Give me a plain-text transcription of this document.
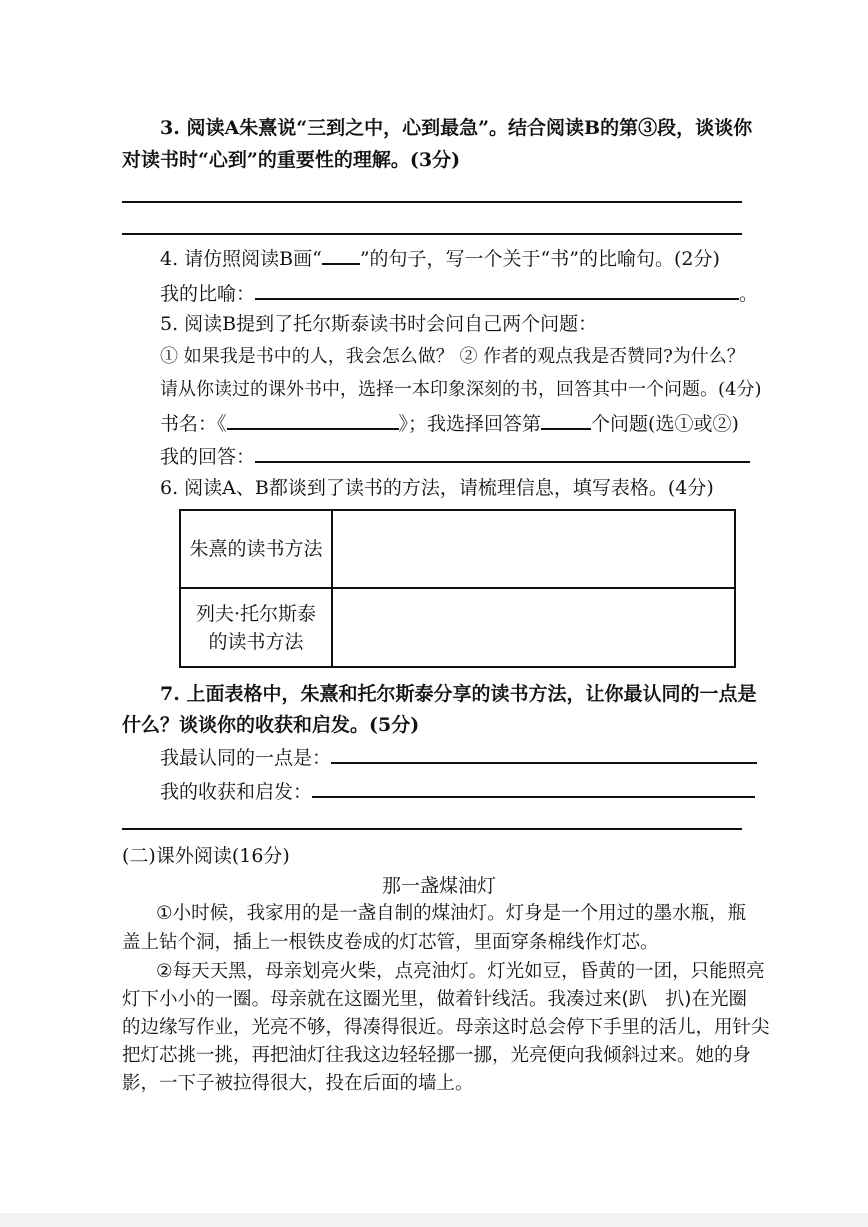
3. 阅读A朱熹说“三到之中，心到最急”。结合阅读B的第③段，谈谈你
对读书时“心到”的重要性的理解。(3分)
4. 请仿照阅读B画“ ”的句子，写一个关于“书”的比喻句。(2分)
我的比喻：	。
5. 阅读B提到了托尔斯泰读书时会问自己两个问题：
① 如果我是书中的人，我会怎么做？ ② 作者的观点我是否赞同?为什么？
请从你读过的课外书中，选择一本印象深刻的书，回答其中一个问题。(4分)
书名：《	》；我选择回答第	个问题(选①或②)
我的回答：
6. 阅读A、B都谈到了读书的方法，请梳理信息，填写表格。(4分)
朱熹的读书方法	

列夫·托尔斯泰
的读书方法	

7. 上面表格中，朱熹和托尔斯泰分享的读书方法，让你最认同的一点是
什么？谈谈你的收获和启发。(5分)
我最认同的一点是：
我的收获和启发：
(二)课外阅读(16分)
那一盏煤油灯
①小时候，我家用的是一盏自制的煤油灯。灯身是一个用过的墨水瓶，瓶
盖上钻个洞，插上一根铁皮卷成的灯芯管，里面穿条棉线作灯芯。
②每天天黑，母亲划亮火柴，点亮油灯。灯光如豆，昏黄的一团，只能照亮
灯下小小的一圈。母亲就在这圈光里，做着针线活。我凑过来(趴　扒)在光圈
的边缘写作业，光亮不够，得凑得很近。母亲这时总会停下手里的活儿，用针尖
把灯芯挑一挑，再把油灯往我这边轻轻挪一挪，光亮便向我倾斜过来。她的身
影，一下子被拉得很大，投在后面的墙上。
